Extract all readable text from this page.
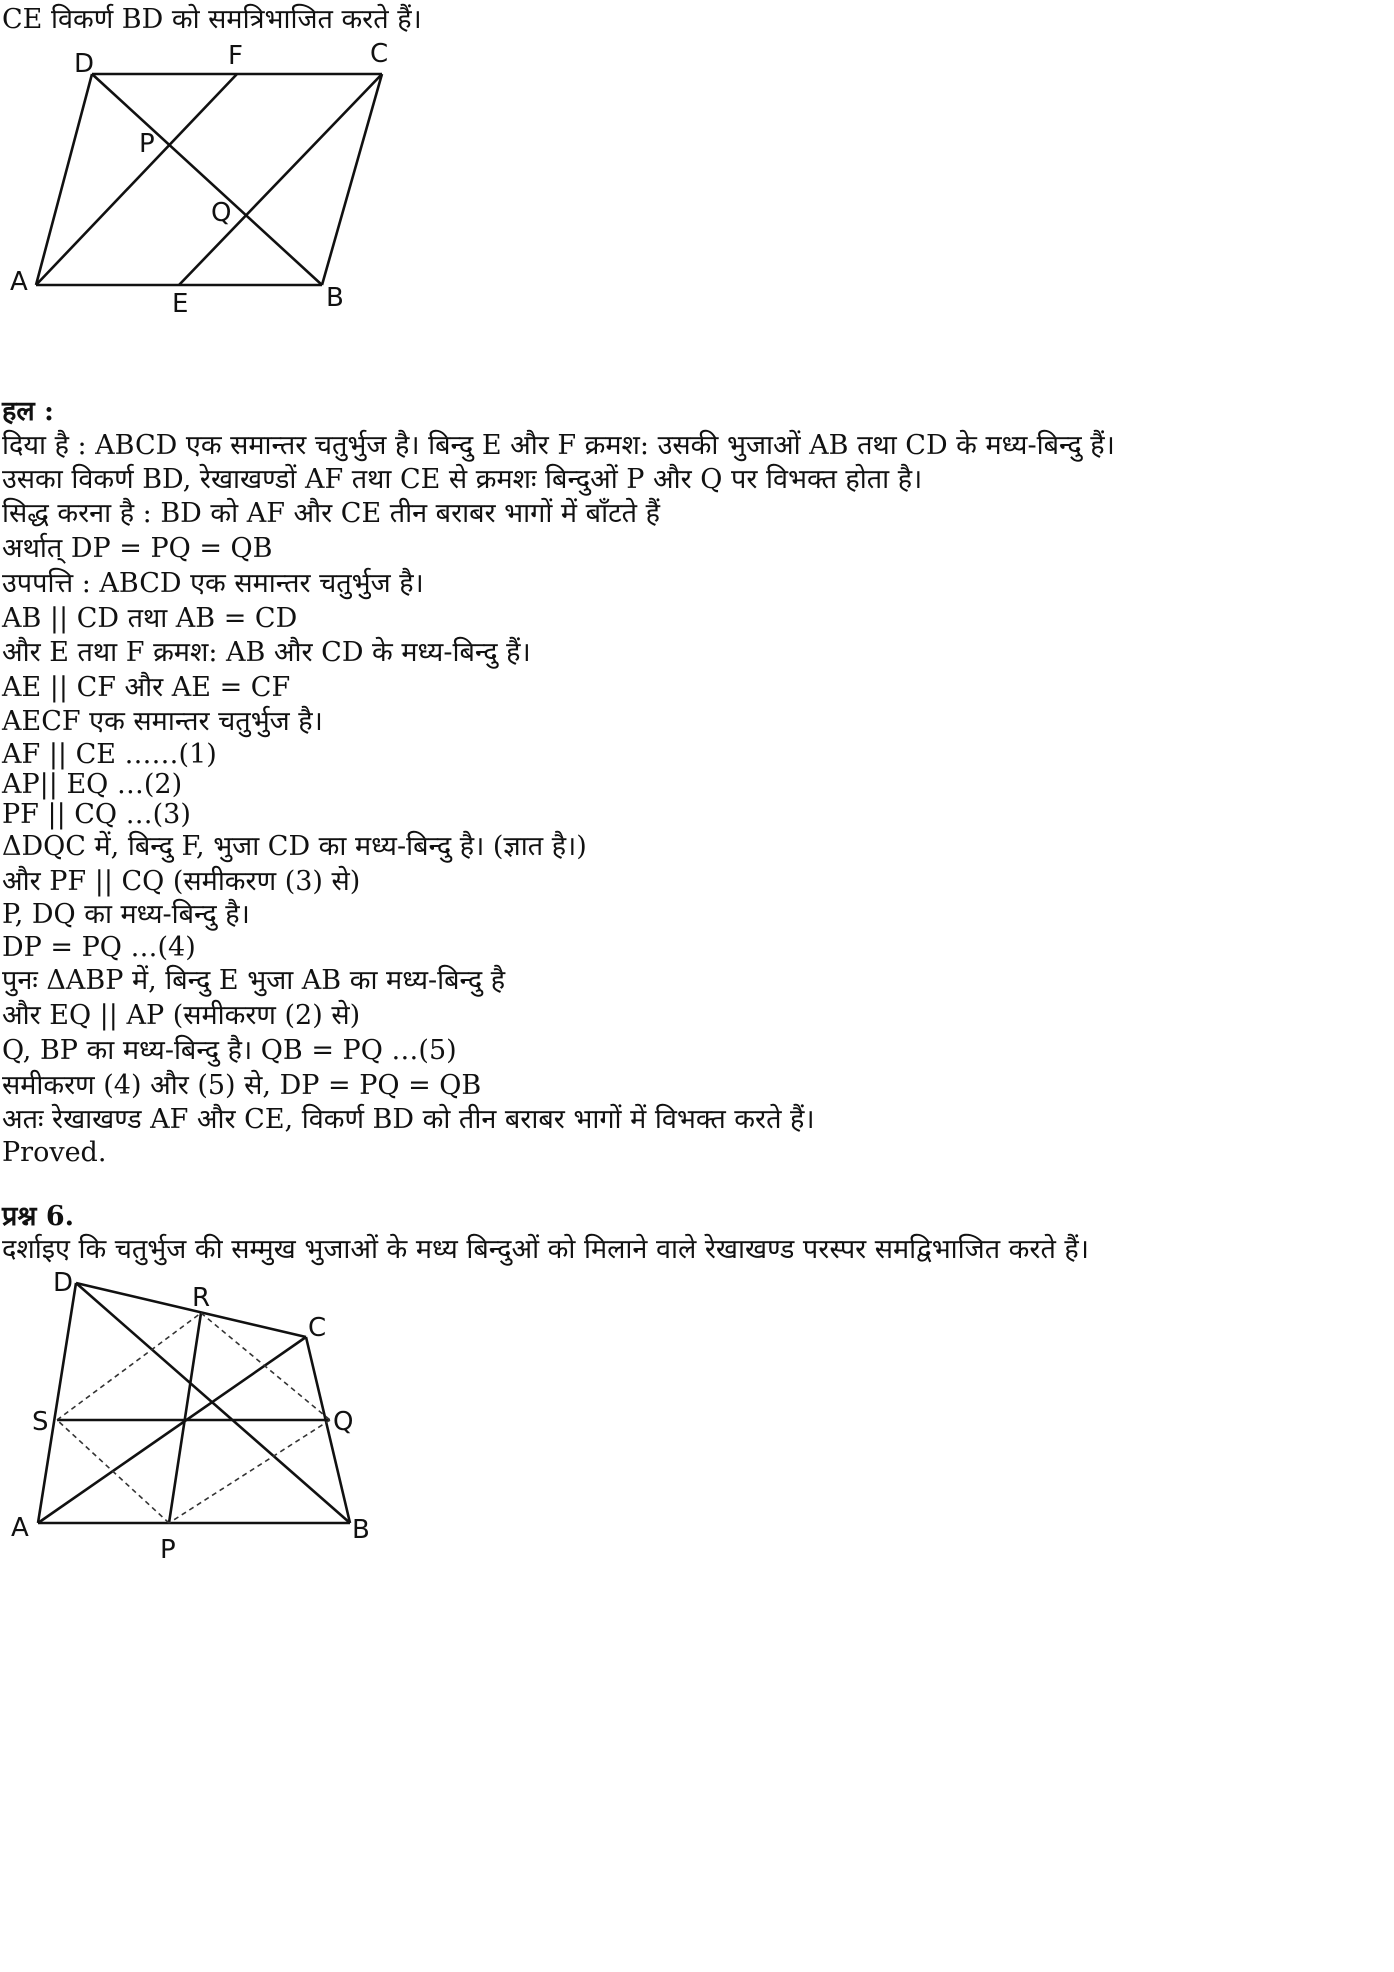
CE विकर्ण BD को समत्रिभाजित करते हैं।
D	F	C
P
Q
A
E	B
हल :
दिया है : ABCD एक समान्तर चतुर्भुज है। बिन्दु E और F क्रमश: उसकी भुजाओं AB तथा CD के मध्य-बिन्दु हैं।
उसका विकर्ण BD, रेखाखण्डों AF तथा CE से क्रमशः बिन्दुओं P और Q पर विभक्त होता है।
सिद्ध करना है : BD को AF और CE तीन बराबर भागों में बाँटते हैं
अर्थात् DP = PQ = QB
उपपत्ति : ABCD एक समान्तर चतुर्भुज है।
AB || CD तथा AB = CD
और E तथा F क्रमश: AB और CD के मध्य-बिन्दु हैं।
AE || CF और AE = CF
AECF एक समान्तर चतुर्भुज है।
AF || CE ……(1)
AP|| EQ …(2)
PF || CQ …(3)
ΔDQC में, बिन्दु F, भुजा CD का मध्य-बिन्दु है। (ज्ञात है।)
और PF || CQ (समीकरण (3) से)
P, DQ का मध्य-बिन्दु है।
DP = PQ …(4)
पुनः ΔABP में, बिन्दु E भुजा AB का मध्य-बिन्दु है
और EQ || AP (समीकरण (2) से)
Q, BP का मध्य-बिन्दु है। QB = PQ …(5)
समीकरण (4) और (5) से, DP = PQ = QB
अतः रेखाखण्ड AF और CE, विकर्ण BD को तीन बराबर भागों में विभक्त करते हैं।
Proved.
प्रश्न 6.
दर्शाइए कि चतुर्भुज की सम्मुख भुजाओं के मध्य बिन्दुओं को मिलाने वाले रेखाखण्ड परस्पर समद्विभाजित करते हैं।
D	R
C
S	Q
A
P
B
